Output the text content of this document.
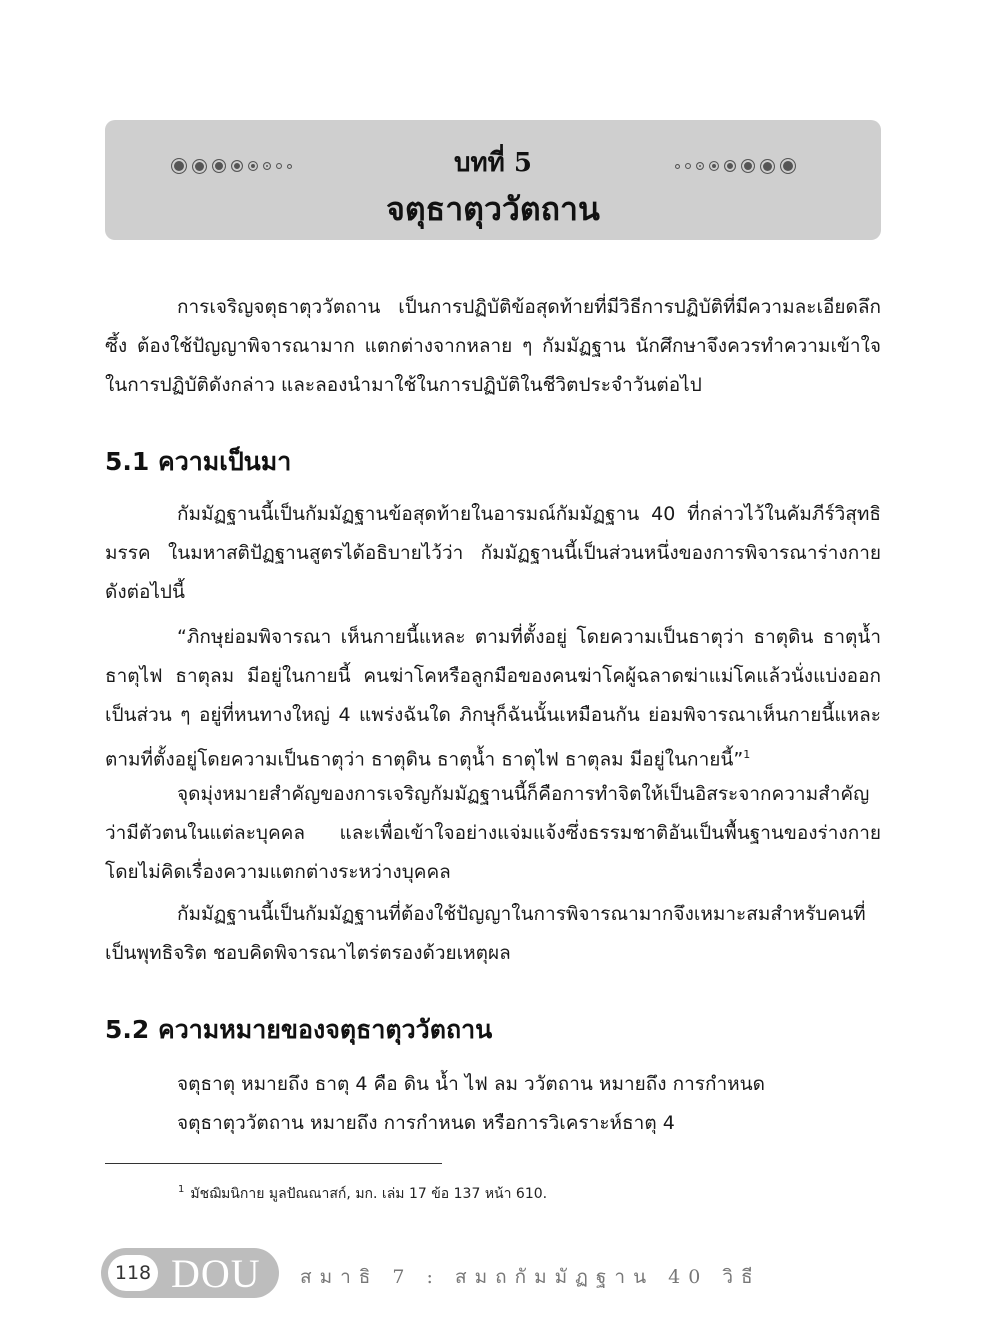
บทที่ 5
จตุธาตุววัตถาน

การเจริญจตุธาตุววัตถาน เป็นการปฏิบัติข้อสุดท้ายที่มีวิธีการปฏิบัติที่มีความละเอียดลึกซึ้ง ต้องใช้ปัญญาพิจารณามาก แตกต่างจากหลาย ๆ กัมมัฏฐาน นักศึกษาจึงควรทำความเข้าใจในการปฏิบัติดังกล่าว และลองนำมาใช้ในการปฏิบัติในชีวิตประจำวันต่อไป

5.1 ความเป็นมา

กัมมัฏฐานนี้เป็นกัมมัฏฐานข้อสุดท้ายในอารมณ์กัมมัฏฐาน 40 ที่กล่าวไว้ในคัมภีร์วิสุทธิมรรค ในมหาสติปัฏฐานสูตรได้อธิบายไว้ว่า กัมมัฏฐานนี้เป็นส่วนหนึ่งของการพิจารณาร่างกาย ดังต่อไปนี้

“ภิกษุย่อมพิจารณา เห็นกายนี้แหละ ตามที่ตั้งอยู่ โดยความเป็นธาตุว่า ธาตุดิน ธาตุน้ำ ธาตุไฟ ธาตุลม มีอยู่ในกายนี้ คนฆ่าโคหรือลูกมือของคนฆ่าโคผู้ฉลาดฆ่าแม่โคแล้วนั่งแบ่งออกเป็นส่วน ๆ อยู่ที่หนทางใหญ่ 4 แพร่งฉันใด ภิกษุก็ฉันนั้นเหมือนกัน ย่อมพิจารณาเห็นกายนี้แหละ ตามที่ตั้งอยู่โดยความเป็นธาตุว่า ธาตุดิน ธาตุน้ำ ธาตุไฟ ธาตุลม มีอยู่ในกายนี้”$^1$

จุดมุ่งหมายสำคัญของการเจริญกัมมัฏฐานนี้ก็คือการทำจิตให้เป็นอิสระจากความสำคัญว่ามีตัวตนในแต่ละบุคคล และเพื่อเข้าใจอย่างแจ่มแจ้งซึ่งธรรมชาติอันเป็นพื้นฐานของร่างกายโดยไม่คิดเรื่องความแตกต่างระหว่างบุคคล

กัมมัฏฐานนี้เป็นกัมมัฏฐานที่ต้องใช้ปัญญาในการพิจารณามากจึงเหมาะสมสำหรับคนที่เป็นพุทธิจริต ชอบคิดพิจารณาไตร่ตรองด้วยเหตุผล

5.2 ความหมายของจตุธาตุววัตถาน

จตุธาตุ หมายถึง ธาตุ 4 คือ ดิน น้ำ ไฟ ลม ววัตถาน หมายถึง การกำหนด

จตุธาตุววัตถาน หมายถึง การกำหนด หรือการวิเคราะห์ธาตุ 4

$^1$ มัชฌิมนิกาย มูลปัณณาสก์, มก. เล่ม 17 ข้อ 137 หน้า 610.
118 DOU สมาธิ 7 : สมถกัมมัฏฐาน 40 วิธี
